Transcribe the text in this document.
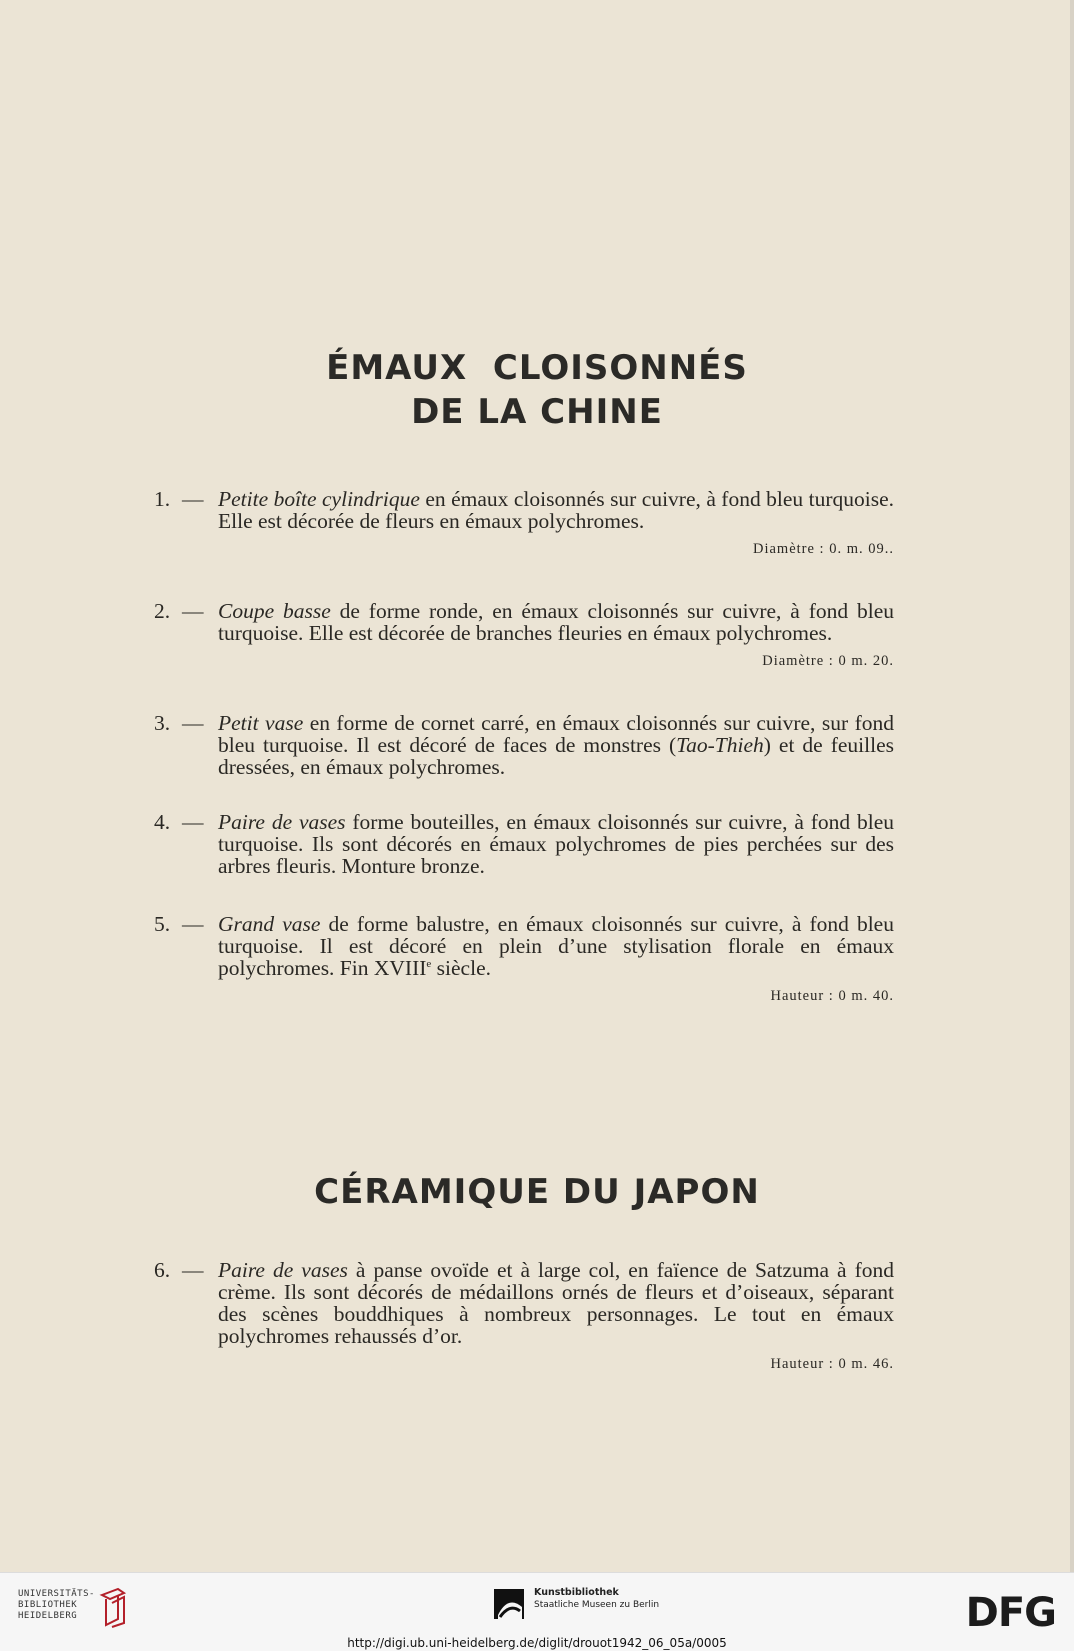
ÉMAUX  CLOISONNÉS
DE LA CHINE
1. — Petite boîte cylindrique en émaux cloisonnés sur cuivre, à fond bleu turquoise. Elle est décorée de fleurs en émaux polychromes.
Diamètre : 0. m. 09..
2. — Coupe basse de forme ronde, en émaux cloisonnés sur cuivre, à fond bleu turquoise. Elle est décorée de branches fleuries en émaux polychromes.
Diamètre : 0 m. 20.
3. — Petit vase en forme de cornet carré, en émaux cloisonnés sur cuivre, sur fond bleu turquoise. Il est décoré de faces de monstres (Tao-Thieh) et de feuilles dressées, en émaux polychromes.
4. — Paire de vases forme bouteilles, en émaux cloisonnés sur cuivre, à fond bleu turquoise. Ils sont décorés en émaux polychromes de pies perchées sur des arbres fleuris. Monture bronze.
5. — Grand vase de forme balustre, en émaux cloisonnés sur cuivre, à fond bleu turquoise. Il est décoré en plein d’une stylisation florale en émaux polychromes. Fin XVIIIe siècle.
Hauteur : 0 m. 40.
CÉRAMIQUE DU JAPON
6. — Paire de vases à panse ovoïde et à large col, en faïence de Satzuma à fond crème. Ils sont décorés de médaillons ornés de fleurs et d’oiseaux, séparant des scènes bouddhiques à nombreux personnages. Le tout en émaux polychromes rehaussés d’or.
Hauteur : 0 m. 46.
UNIVERSITÄTS-
BIBLIOTHEK
HEIDELBERG
Kunstbibliothek
Staatliche Museen zu Berlin	DFG
http://digi.ub.uni-heidelberg.de/diglit/drouot1942_06_05a/0005
